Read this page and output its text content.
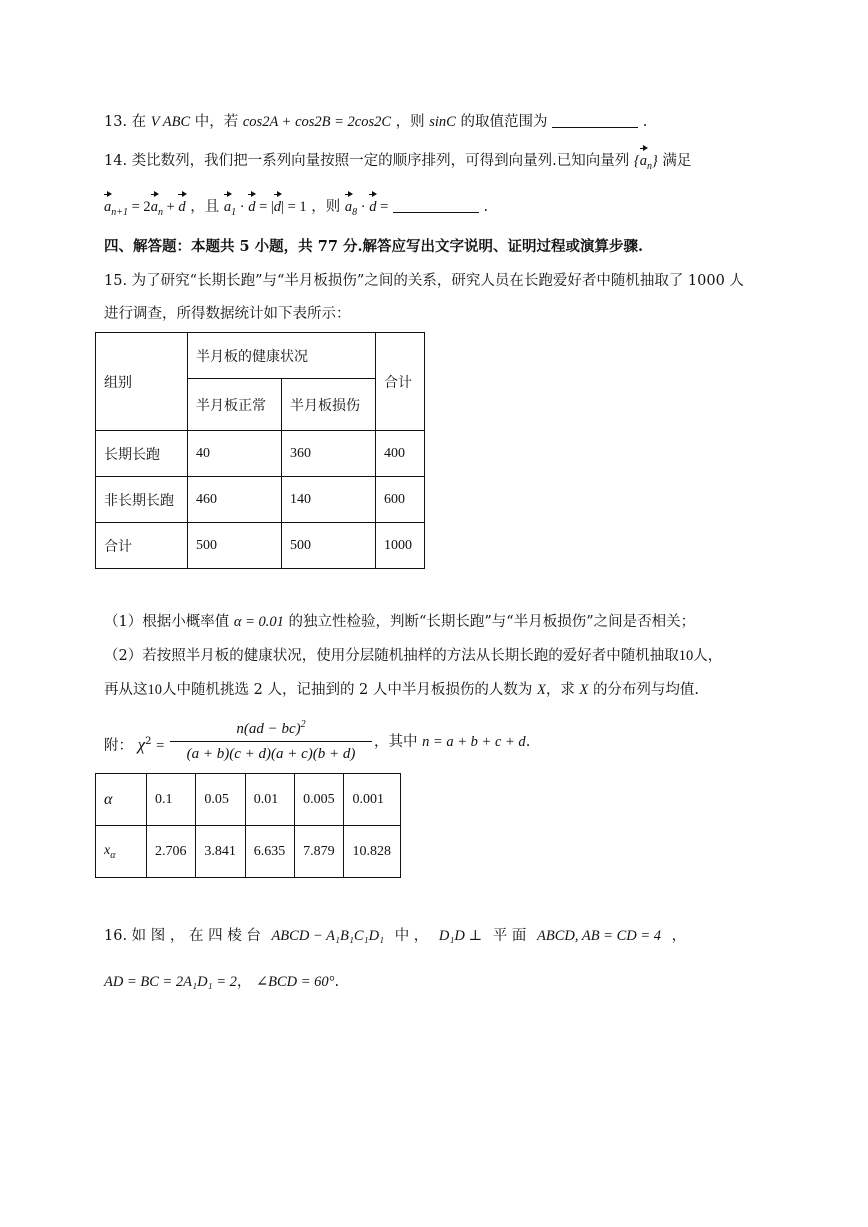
13. 在 V ABC 中，若 cos2A + cos2B = 2cos2C ，则 sinC 的取值范围为	.
14. 类比数列，我们把一系列向量按照一定的顺序排列，可得到向量列.已知向量列 $\{a_n\}$ 满足
$a_{n+1} = 2a_n + d$ ，且 $a_1 \cdot d = |d| = 1$ ，则 $a_8 \cdot d$ =	.
四、解答题：本题共 5 小题，共 77 分.解答应写出文字说明、证明过程或演算步骤.
15. 为了研究“长期长跑”与“半月板损伤”之间的关系，研究人员在长跑爱好者中随机抽取了 1000 人
进行调查，所得数据统计如下表所示：
组别	半月板的健康状况		合计
	半月板正常	半月板损伤	
长期长跑	40	360	400
非长期长跑	460	140	600
合计	500	500	1000
（1）根据小概率值 α = 0.01 的独立性检验，判断“长期长跑”与“半月板损伤”之间是否相关；
（2）若按照半月板的健康状况，使用分层随机抽样的方法从长期长跑的爱好者中随机抽取10人，
再从这10人中随机挑选 2 人，记抽到的 2 人中半月板损伤的人数为 X，求 X 的分布列与均值.
附： $\chi^2$ =
n(ad − bc)$^2$
(a + b)(c + d)(a + c)(b + d)
，其中 n = a + b + c + d.
α	0.1	0.05	0.01	0.005	0.001
$x_\alpha$	2.706	3.841	6.635	7.879	10.828
16. 如 图 ， 在 四 棱 台 ABCD − A₁B₁C₁D₁ 中 ， D₁D ⊥ 平 面 ABCD, AB = CD = 4 ，
AD = BC = 2A₁D₁ = 2， ∠BCD = 60°.
